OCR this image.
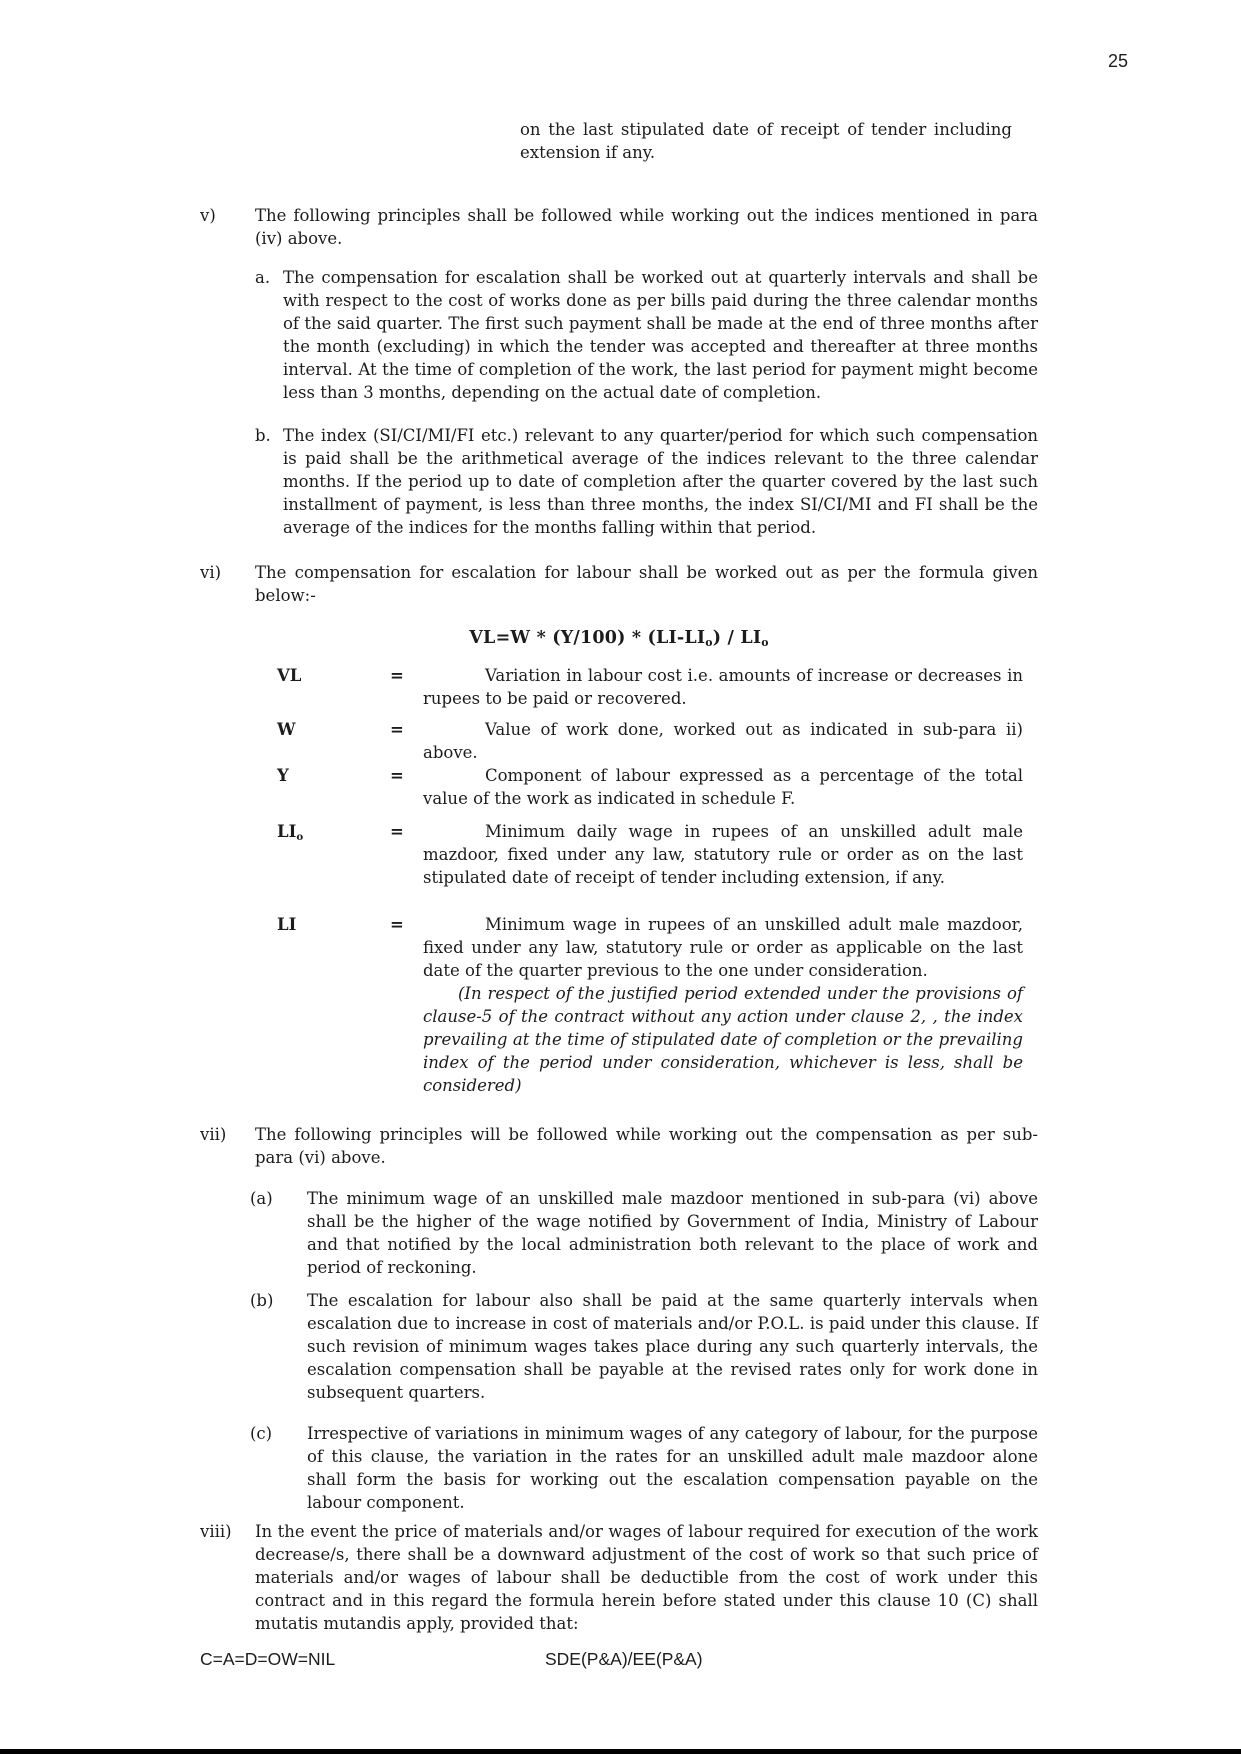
25

on the last stipulated date of receipt of tender including extension if any.

v)	The following principles shall be followed while working out the indices mentioned in para (iv) above.

a. The compensation for escalation shall be worked out at quarterly intervals and shall be with respect to the cost of works done as per bills paid during the three calendar months of the said quarter. The first such payment shall be made at the end of three months after the month (excluding) in which the tender was accepted and thereafter at three months interval. At the time of completion of the work, the last period for payment might become less than 3 months, depending on the actual date of completion.

b. The index (SI/CI/MI/FI etc.) relevant to any quarter/period for which such compensation is paid shall be the arithmetical average of the indices relevant to the three calendar months. If the period up to date of completion after the quarter covered by the last such installment of payment, is less than three months, the index SI/CI/MI and FI shall be the average of the indices for the months falling within that period.

vi)	The compensation for escalation for labour shall be worked out as per the formula given below:-

$VL=W * (Y/100) * (LI-LI_o) / LI_o$
VL	=	Variation in labour cost i.e. amounts of increase or decreases in rupees to be paid or recovered.

W	=	Value of work done, worked out as indicated in sub-para ii) above.

Y	=	Component of labour expressed as a percentage of the total value of the work as indicated in schedule F.

$LI_o$	=	Minimum daily wage in rupees of an unskilled adult male mazdoor, fixed under any law, statutory rule or order as on the last stipulated date of receipt of tender including extension, if any.

LI	=	Minimum wage in rupees of an unskilled adult male mazdoor, fixed under any law, statutory rule or order as applicable on the last date of the quarter previous to the one under consideration.

(In respect of the justified period extended under the provisions of clause-5 of the contract without any action under clause 2, , the index prevailing at the time of stipulated date of completion or the prevailing index of the period under consideration, whichever is less, shall be considered)

vii)	The following principles will be followed while working out the compensation as per sub-para (vi) above.

(a)	The minimum wage of an unskilled male mazdoor mentioned in sub-para (vi) above shall be the higher of the wage notified by Government of India, Ministry of Labour and that notified by the local administration both relevant to the place of work and period of reckoning.

(b)	The escalation for labour also shall be paid at the same quarterly intervals when escalation due to increase in cost of materials and/or P.O.L. is paid under this clause. If such revision of minimum wages takes place during any such quarterly intervals, the escalation compensation shall be payable at the revised rates only for work done in subsequent quarters.

(c)	Irrespective of variations in minimum wages of any category of labour, for the purpose of this clause, the variation in the rates for an unskilled adult male mazdoor alone shall form the basis for working out the escalation compensation payable on the labour component.

viii)	In the event the price of materials and/or wages of labour required for execution of the work decrease/s, there shall be a downward adjustment of the cost of work so that such price of materials and/or wages of labour shall be deductible from the cost of work under this contract and in this regard the formula herein before stated under this clause 10 (C) shall mutatis mutandis apply, provided that:

C=A=D=OW=NIL	SDE(P&A)/EE(P&A)
